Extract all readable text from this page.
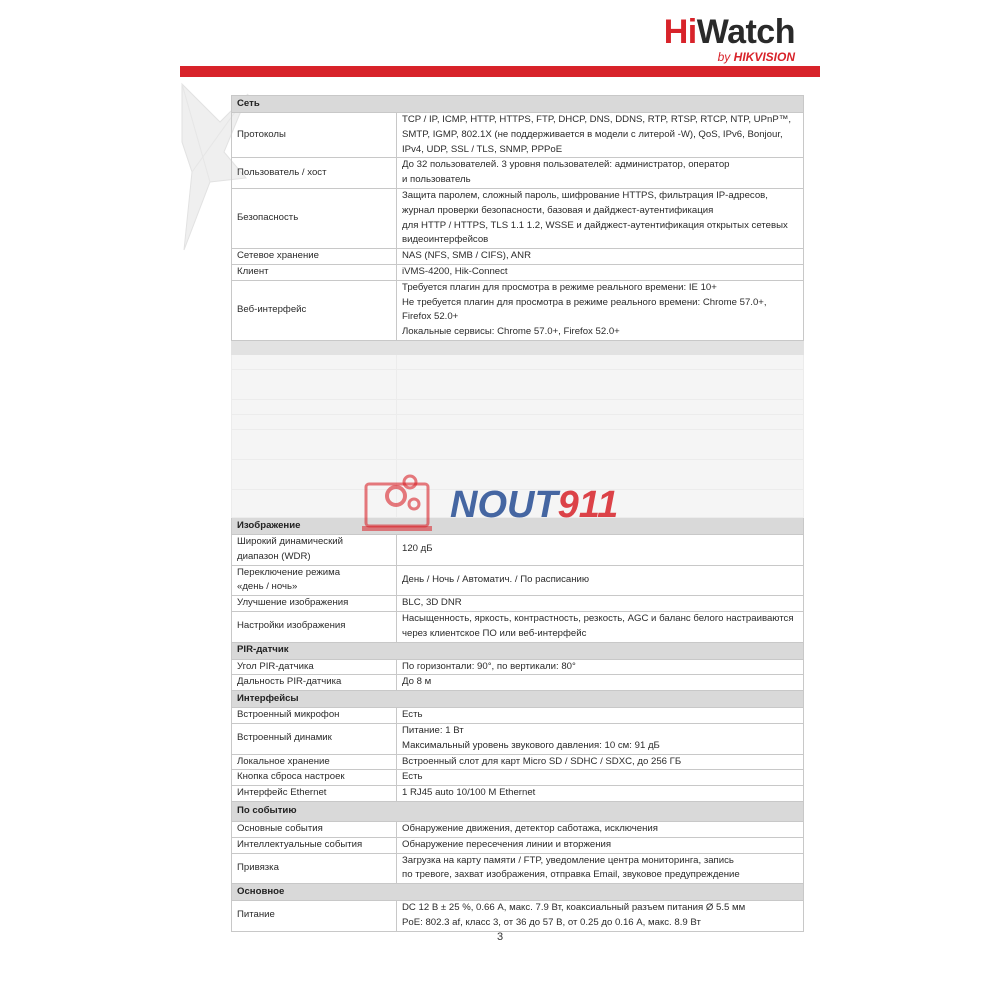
HiWatch
by HIKVISION
Сеть	
Протоколы	TCP / IP, ICMP, HTTP, HTTPS, FTP, DHCP, DNS, DDNS, RTP, RTSP, RTCP, NTP, UPnP™, SMTP, IGMP, 802.1X (не поддерживается в модели с литерой -W), QoS, IPv6, Bonjour, IPv4, UDP, SSL / TLS, SNMP, PPPoE
Пользователь / хост	До 32 пользователей. 3 уровня пользователей: администратор, оператор
и пользователь

Безопасность	Защита паролем, сложный пароль, шифрование HTTPS, фильтрация IP-адресов,
журнал проверки безопасности, базовая и дайджест-аутентификация
для HTTP / HTTPS, TLS 1.1 1.2, WSSE и дайджест-аутентификация открытых сетевых
видеоинтерфейсов

Сетевое хранение	NAS (NFS, SMB / CIFS), ANR
Клиент	iVMS-4200, Hik-Connect
Веб-интерфейс	Требуется плагин для просмотра в режиме реального времени: IE 10+
Не требуется плагин для просмотра в режиме реального времени: Chrome 57.0+,
Firefox 52.0+
Локальные сервисы: Chrome 57.0+, Firefox 52.0+

Изображение	

Широкий динамический
диапазон (WDR)	120 дБ

Переключение режима
«день / ночь»	День / Ночь / Автоматич. / По расписанию
Улучшение изображения	BLC, 3D DNR
Настройки изображения	Насыщенность, яркость, контрастность, резкость, AGC и баланс белого настраиваются
через клиентское ПО или веб-интерфейс

PIR-датчик	
Угол PIR-датчика	По горизонтали: 90°, по вертикали: 80°
Дальность PIR-датчика	До 8 м
Интерфейсы	
Встроенный микрофон	Есть
Встроенный динамик	Питание: 1 Вт
Максимальный уровень звукового давления: 10 см: 91 дБ

Локальное хранение	Встроенный слот для карт Micro SD / SDHC / SDXC, до 256 ГБ
Кнопка сброса настроек	Есть
Интерфейс Ethernet	1 RJ45 auto 10/100 M Ethernet
По событию	
Основные события	Обнаружение движения, детектор саботажа, исключения
Интеллектуальные события	Обнаружение пересечения линии и вторжения
Привязка	Загрузка на карту памяти / FTP, уведомление центра мониторинга, запись
по тревоге, захват изображения, отправка Email, звуковое предупреждение

Основное	
Питание	DC 12 В ± 25 %, 0.66 А, макс. 7.9 Вт, коаксиальный разъем питания Ø 5.5 мм
PoE: 802.3 af, класс 3, от 36 до 57 В, от 0.25 до 0.16 А, макс. 8.9 Вт
NOUT911
3
